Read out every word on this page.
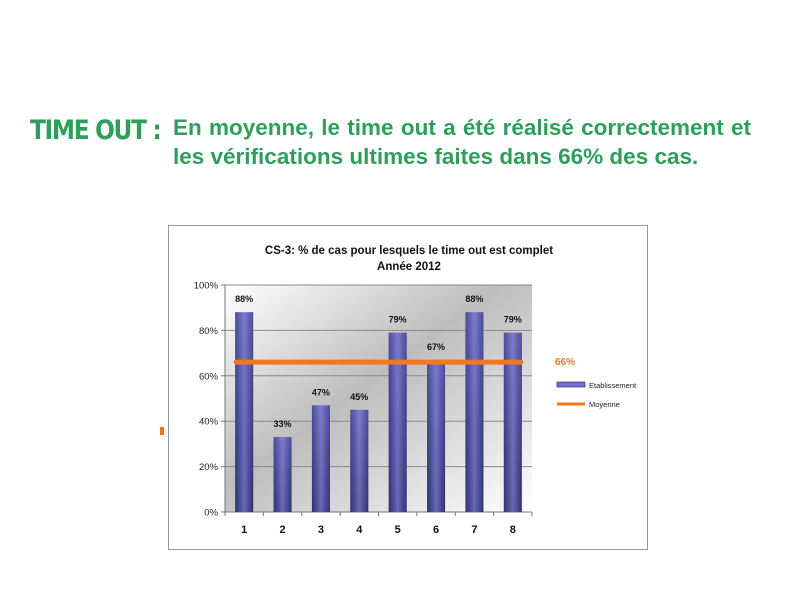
TIME OUT : En moyenne, le time out a été réalisé correctement et les vérifications ultimes faites dans 66% des cas.
CS-3: % de cas pour lesquels le time out est complet
Année 2012
0%
20%
40%
60%
80%
100%
88%
33%
47% 45%
79%
67%
88%
79%
1	2	3	4	5	6	7	8
66%
Etablissement
Moyenne
